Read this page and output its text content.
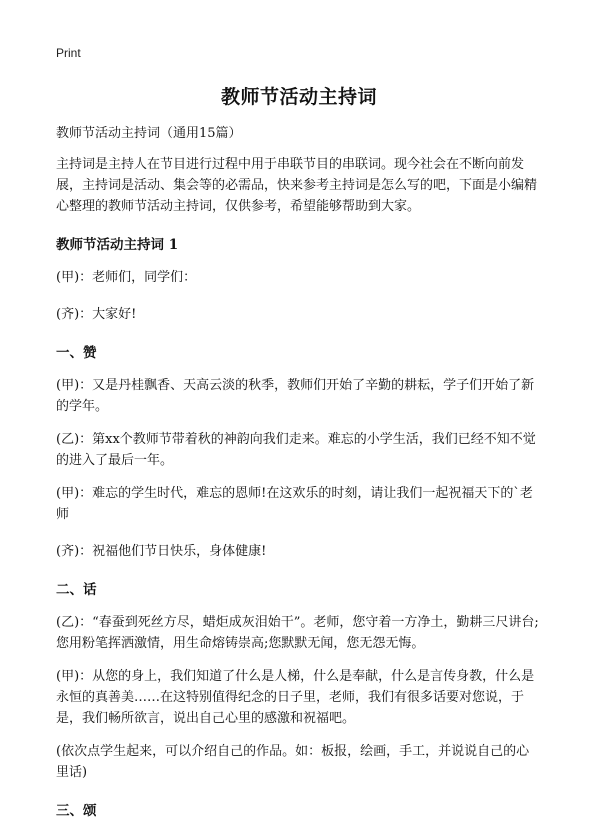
Print
教师节活动主持词

教师节活动主持词（通用15篇）

主持词是主持人在节目进行过程中用于串联节目的串联词。现今社会在不断向前发展，主持词是活动、集会等的必需品，快来参考主持词是怎么写的吧，下面是小编精心整理的教师节活动主持词，仅供参考，希望能够帮助到大家。

教师节活动主持词 1

(甲)：老师们，同学们：

(齐)：大家好!

一、赞

(甲)：又是丹桂飘香、天高云淡的秋季，教师们开始了辛勤的耕耘，学子们开始了新的学年。

(乙)：第xx个教师节带着秋的神韵向我们走来。难忘的小学生活，我们已经不知不觉的进入了最后一年。

(甲)：难忘的学生时代，难忘的恩师!在这欢乐的时刻，请让我们一起祝福天下的`老师

(齐)：祝福他们节日快乐，身体健康!

二、话

(乙)：“春蚕到死丝方尽，蜡炬成灰泪始干”。老师，您守着一方净土，勤耕三尺讲台;您用粉笔挥洒激情，用生命熔铸崇高;您默默无闻，您无怨无悔。

(甲)：从您的身上，我们知道了什么是人梯，什么是奉献，什么是言传身教，什么是永恒的真善美……在这特别值得纪念的日子里，老师，我们有很多话要对您说，于是，我们畅所欲言，说出自己心里的感激和祝福吧。

(依次点学生起来，可以介绍自己的作品。如：板报，绘画，手工，并说说自己的心里话)

三、颂
